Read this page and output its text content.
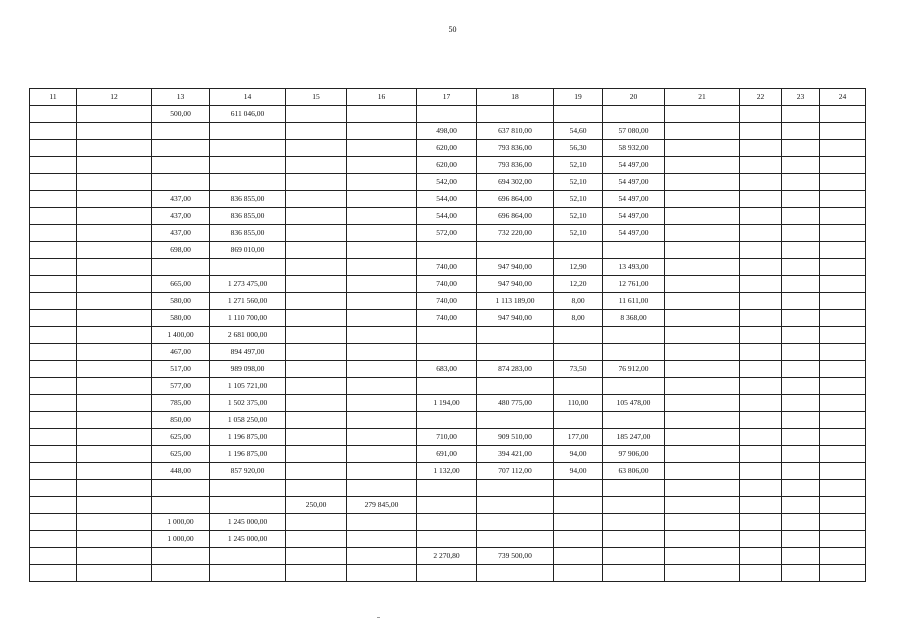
50
11	12	13	14	15	16	17	18	19	20	21	22	23	24
		500,00	611 046,00										
						498,00	637 810,00	54,60	57 080,00				
						620,00	793 836,00	56,30	58 932,00				
						620,00	793 836,00	52,10	54 497,00				
						542,00	694 302,00	52,10	54 497,00				
		437,00	836 855,00			544,00	696 864,00	52,10	54 497,00				
		437,00	836 855,00			544,00	696 864,00	52,10	54 497,00				
		437,00	836 855,00			572,00	732 220,00	52,10	54 497,00				
		698,00	869 010,00										
						740,00	947 940,00	12,90	13 493,00				
		665,00	1 273 475,00			740,00	947 940,00	12,20	12 761,00				
		580,00	1 271 560,00			740,00	1 113 189,00	8,00	11 611,00				
		580,00	1 110 700,00			740,00	947 940,00	8,00	8 368,00				
		1 400,00	2 681 000,00										
		467,00	894 497,00										
		517,00	989 098,00			683,00	874 283,00	73,50	76 912,00				
		577,00	1 105 721,00										
		785,00	1 502 375,00			1 194,00	480 775,00	110,00	105 478,00				
		850,00	1 058 250,00										
		625,00	1 196 875,00			710,00	909 510,00	177,00	185 247,00				
		625,00	1 196 875,00			691,00	394 421,00	94,00	97 906,00				
		448,00	857 920,00			1 132,00	707 112,00	94,00	63 806,00				

				250,00	279 845,00								
		1 000,00	1 245 000,00										
		1 000,00	1 245 000,00										
						2 270,80	739 500,00						
